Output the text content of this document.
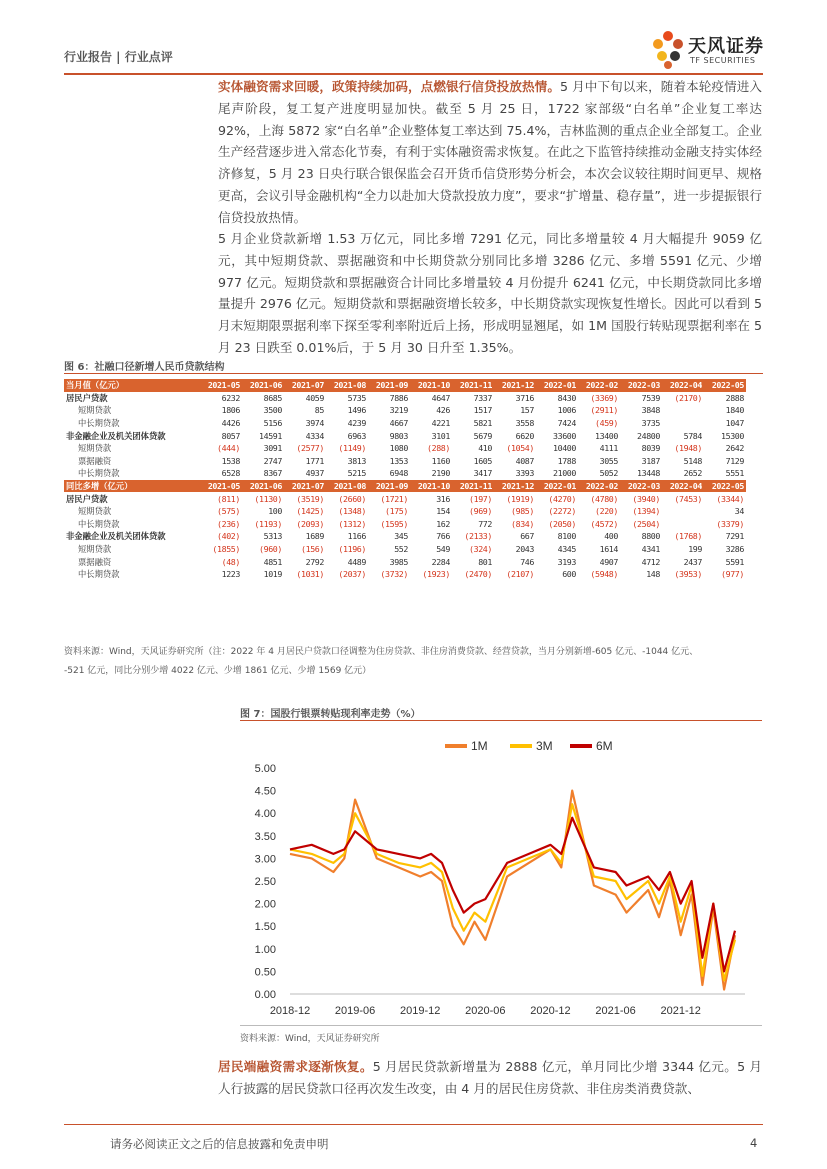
行业报告 | 行业点评	天风证券
TF SECURITIES
实体融资需求回暖，政策持续加码，点燃银行信贷投放热情。5 月中下旬以来，随着本轮疫情进入尾声阶段，复工复产进度明显加快。截至 5 月 25 日，1722 家部级“白名单”企业复工率达 92%，上海 5872 家“白名单”企业整体复工率达到 75.4%，吉林监测的重点企业全部复工。企业生产经营逐步进入常态化节奏，有利于实体融资需求恢复。在此之下监管持续推动金融支持实体经济修复，5 月 23 日央行联合银保监会召开货币信贷形势分析会，本次会议较往期时间更早、规格更高，会议引导金融机构“全力以赴加大贷款投放力度”，要求“扩增量、稳存量”，进一步提振银行信贷投放热情。
5 月企业贷款新增 1.53 万亿元，同比多增 7291 亿元，同比多增量较 4 月大幅提升 9059 亿元，其中短期贷款、票据融资和中长期贷款分别同比多增 3286 亿元、多增 5591 亿元、少增 977 亿元。短期贷款和票据融资合计同比多增量较 4 月份提升 6241 亿元，中长期贷款同比多增量提升 2976 亿元。短期贷款和票据融资增长较多，中长期贷款实现恢复性增长。因此可以看到 5 月末短期限票据利率下探至零利率附近后上扬，形成明显翘尾，如 1M 国股行转贴现票据利率在 5 月 23 日跌至 0.01%后，于 5 月 30 日升至 1.35%。
图 6：社融口径新增人民币贷款结构
当月值（亿元）	2021-05	2021-06	2021-07	2021-08	2021-09	2021-10	2021-11	2021-12	2022-01	2022-02	2022-03	2022-04	2022-05
居民户贷款	6232	8685	4059	5735	7886	4647	7337	3716	8430	(3369)	7539	(2170)	2888
短期贷款	1806	3500	85	1496	3219	426	1517	157	1006	(2911)	3848		1840
中长期贷款	4426	5156	3974	4239	4667	4221	5821	3558	7424	(459)	3735		1047
非金融企业及机关团体贷款	8057	14591	4334	6963	9803	3101	5679	6620	33600	13400	24800	5784	15300
短期贷款	(444)	3091	(2577)	(1149)	1080	(288)	410	(1054)	10400	4111	8039	(1948)	2642
票据融资	1538	2747	1771	3813	1353	1160	1605	4087	1788	3055	3187	5148	7129
中长期贷款	6528	8367	4937	5215	6948	2190	3417	3393	21000	5052	13448	2652	5551
同比多增（亿元）	2021-05	2021-06	2021-07	2021-08	2021-09	2021-10	2021-11	2021-12	2022-01	2022-02	2022-03	2022-04	2022-05
居民户贷款	(811)	(1130)	(3519)	(2660)	(1721)	316	(197)	(1919)	(4270)	(4780)	(3940)	(7453)	(3344)
短期贷款	(575)	100	(1425)	(1348)	(175)	154	(969)	(985)	(2272)	(220)	(1394)		34
中长期贷款	(236)	(1193)	(2093)	(1312)	(1595)	162	772	(834)	(2050)	(4572)	(2504)		(3379)
非金融企业及机关团体贷款	(402)	5313	1689	1166	345	766	(2133)	667	8100	400	8800	(1768)	7291
短期贷款	(1855)	(960)	(156)	(1196)	552	549	(324)	2043	4345	1614	4341	199	3286
票据融资	(48)	4851	2792	4489	3985	2284	801	746	3193	4907	4712	2437	5591
中长期贷款	1223	1019	(1031)	(2037)	(3732)	(1923)	(2470)	(2107)	600	(5948)	148	(3953)	(977)
资料来源：Wind，天风证券研究所（注：2022 年 4 月居民户贷款口径调整为住房贷款、非住房消费贷款、经营贷款，当月分别新增-605 亿元、-1044 亿元、
-521 亿元，同比分别少增 4022 亿元、少增 1861 亿元、少增 1569 亿元）
图 7：国股行银票转贴现利率走势（%）
5.00
4.50
4.00
3.50
3.00
2.50
2.00
1.50
1.00
0.50
0.00
2018-12 2019-06 2019-12 2020-06 2020-12 2021-06 2021-12
1M	3M	6M
资料来源：Wind，天风证券研究所
居民端融资需求逐渐恢复。5 月居民贷款新增量为 2888 亿元，单月同比少增 3344 亿元。5 月人行披露的居民贷款口径再次发生改变，由 4 月的居民住房贷款、非住房类消费贷款、
请务必阅读正文之后的信息披露和免责申明	4
